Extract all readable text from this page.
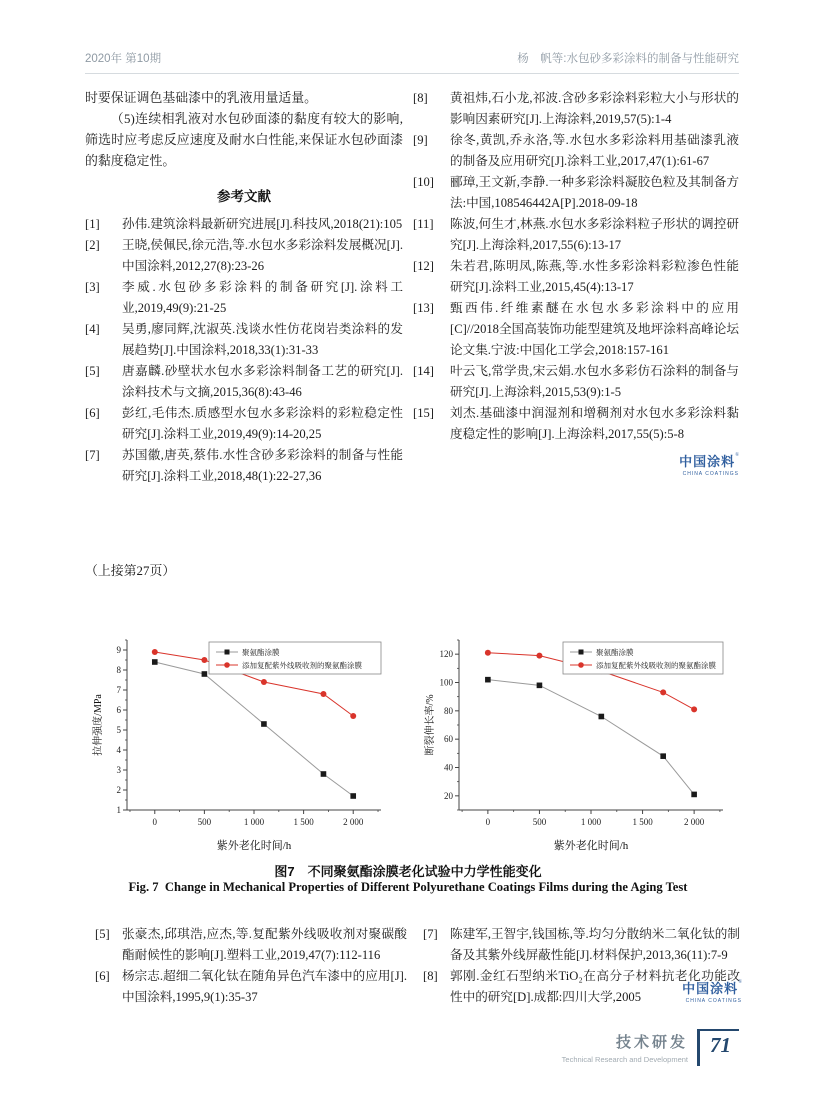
2020年 第10期	杨　帆等:水包砂多彩涂料的制备与性能研究
时要保证调色基础漆中的乳液用量适量。
（5)连续相乳液对水包砂面漆的黏度有较大的影响,筛选时应考虑反应速度及耐水白性能,来保证水包砂面漆的黏度稳定性。
参考文献
[1]	孙伟.建筑涂料最新研究进展[J].科技风,2018(21):105
[2]	王晓,侯佩民,徐元浩,等.水包水多彩涂料发展概况[J].中国涂料,2012,27(8):23-26
[3]	李威.水包砂多彩涂料的制备研究[J].涂料工业,2019,49(9):21-25
[4]	吴勇,廖同辉,沈淑英.浅谈水性仿花岗岩类涂料的发展趋势[J].中国涂料,2018,33(1):31-33
[5]	唐嘉麟.砂壁状水包水多彩涂料制备工艺的研究[J].涂料技术与文摘,2015,36(8):43-46
[6]	彭红,毛伟杰.质感型水包水多彩涂料的彩粒稳定性研究[J].涂料工业,2019,49(9):14-20,25
[7]	苏国徽,唐英,蔡伟.水性含砂多彩涂料的制备与性能研究[J].涂料工业,2018,48(1):22-27,36
[8]	黄祖炜,石小龙,祁波.含砂多彩涂料彩粒大小与形状的影响因素研究[J].上海涂料,2019,57(5):1-4
[9]	徐冬,黄凯,乔永洛,等.水包水多彩涂料用基础漆乳液的制备及应用研究[J].涂料工业,2017,47(1):61-67
[10]	郦璋,王文新,李静.一种多彩涂料凝胶色粒及其制备方法:中国,108546442A[P].2018-09-18
[11]	陈波,何生才,林燕.水包水多彩涂料粒子形状的调控研究[J].上海涂料,2017,55(6):13-17
[12]	朱若君,陈明凤,陈燕,等.水性多彩涂料彩粒渗色性能研究[J].涂料工业,2015,45(4):13-17
[13]	甄西伟.纤维素醚在水包水多彩涂料中的应用[C]//2018全国高装饰功能型建筑及地坪涂料高峰论坛论文集.宁波:中国化工学会,2018:157-161
[14]	叶云飞,常学贵,宋云娟.水包水多彩仿石涂料的制备与研究[J].上海涂料,2015,53(9):1-5
[15]	刘杰.基础漆中润湿剂和增稠剂对水包水多彩涂料黏度稳定性的影响[J].上海涂料,2017,55(5):5-8
中国涂料®
CHINA COATINGS
（上接第27页）
1
2
3
4
5
6
7
8
9
0	500	1 000	1 500	2 000
紫外老化时间/h
拉伸强度/MPa
聚氨酯涂膜
添加复配紫外线吸收剂的聚氨酯涂膜
20
40
60
80
100
120
0	500	1 000	1 500	2 000
紫外老化时间/h
断裂伸长率/%
聚氨酯涂膜
添加复配紫外线吸收剂的聚氨酯涂膜
图7　不同聚氨酯涂膜老化试验中力学性能变化
Fig. 7 Change in Mechanical Properties of Different Polyurethane Coatings Films during the Aging Test
[5] 张豪杰,邱琪浩,应杰,等.复配紫外线吸收剂对聚碳酸酯耐候性的影响[J].塑料工业,2019,47(7):112-116
[6] 杨宗志.超细二氧化钛在随角异色汽车漆中的应用[J].中国涂料,1995,9(1):35-37
[7] 陈建军,王智宇,钱国栋,等.均匀分散纳米二氧化钛的制备及其紫外线屏蔽性能[J].材料保护,2013,36(11):7-9
[8] 郭刚.金红石型纳米TiO₂在高分子材料抗老化功能改性中的研究[D].成都:四川大学,2005
中国涂料®
CHINA COATINGS
技术研发
Technical Research and Development
71
